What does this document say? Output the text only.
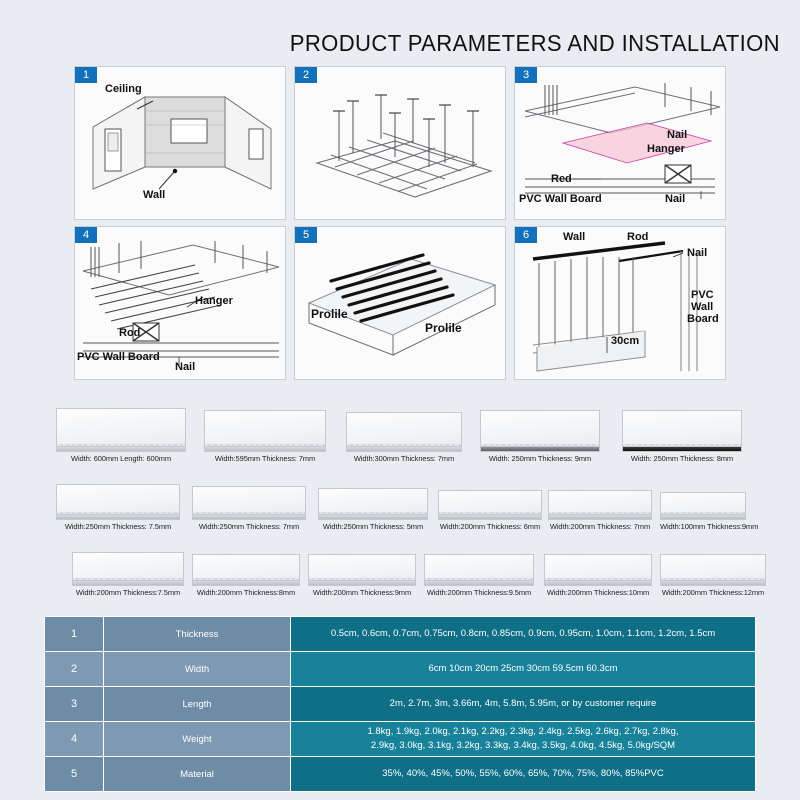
PRODUCT PARAMETERS AND INSTALLATION
1
Ceiling
Wall
2	3
Nail
Hanger
Red
PVC Wall Board	Nail
4
Hanger
Rod
PVC Wall Board
Nail
5
Prolile
Prolile
6	Wall	Rod
Nail
PVC
Wall
Board
30cm
Width: 600mm Length: 600mm	Width:595mm Thickness: 7mm	Width:300mm Thickness: 7mm	Width: 250mm Thickness: 9mm	Width: 250mm Thickness: 8mm
Width:250mm Thickness: 7.5mm	Width:250mm Thickness: 7mm	Width:250mm Thickness: 5mm	Width:200mm Thickness: 6mm Width:200mm Thickness: 7mm Width:100mm Thickness:9mm
Width:200mm Thickness:7.5mm	Width:200mm Thickness:8mm	Width:200mm Thickness:9mm	Width:200mm Thickness:9.5mm	Width:200mm Thickness:10mm	Width:200mm Thickness:12mm
1	Thickness	0.5cm, 0.6cm, 0.7cm, 0.75cm, 0.8cm, 0.85cm, 0.9cm, 0.95cm, 1.0cm, 1.1cm, 1.2cm, 1.5cm

2	Width	6cm 10cm 20cm 25cm 30cm 59.5cm 60.3cm

3	Length	2m, 2.7m, 3m, 3.66m, 4m, 5.8m, 5.95m, or by customer require

4	Weight	1.8kg, 1.9kg, 2.0kg, 2.1kg, 2.2kg, 2.3kg, 2.4kg, 2.5kg, 2.6kg, 2.7kg, 2.8kg,
2.9kg, 3.0kg, 3.1kg, 3.2kg, 3.3kg, 3.4kg, 3.5kg, 4.0kg, 4.5kg, 5.0kg/SQM

5	Material	35%, 40%, 45%, 50%, 55%, 60%, 65%, 70%, 75%, 80%, 85%PVC
